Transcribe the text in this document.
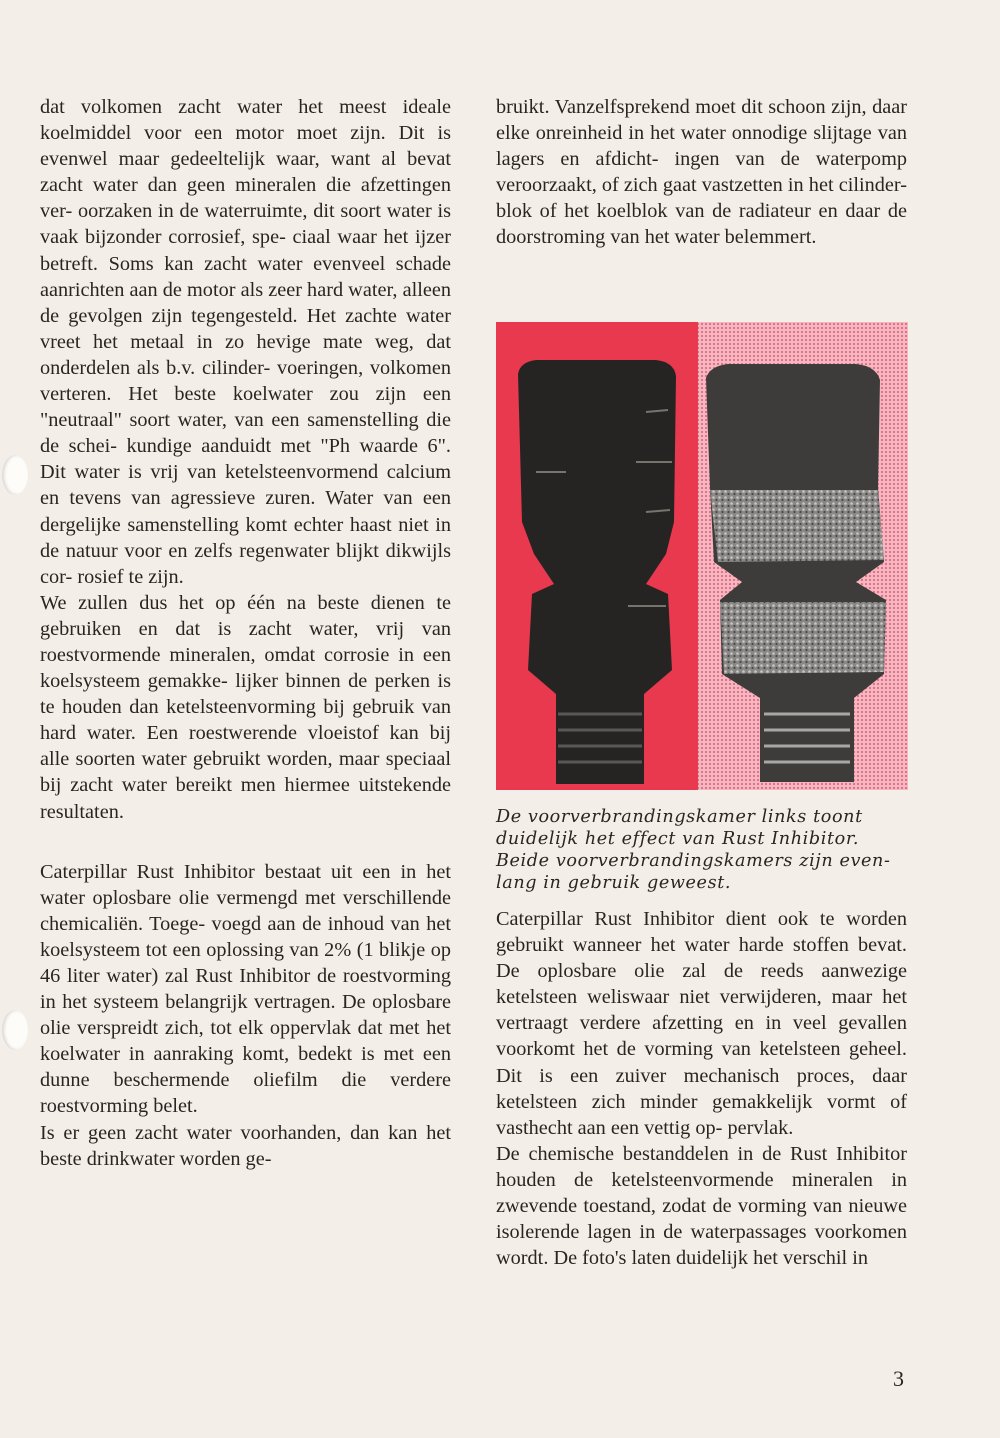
dat volkomen zacht water het meest ideale koelmiddel voor een motor moet zijn. Dit is evenwel maar gedeeltelijk waar, want al bevat zacht water dan geen mineralen die afzettingen ver- oorzaken in de waterruimte, dit soort water is vaak bijzonder corrosief, spe- ciaal waar het ijzer betreft. Soms kan zacht water evenveel schade aanrichten aan de motor als zeer hard water, alleen de gevolgen zijn tegengesteld. Het zachte water vreet het metaal in zo hevige mate weg, dat onderdelen als b.v. cilinder- voeringen, volkomen verteren. Het beste koelwater zou zijn een "neutraal" soort water, van een samenstelling die de schei- kundige aanduidt met "Ph waarde 6". Dit water is vrij van ketelsteenvormend calcium en tevens van agressieve zuren. Water van een dergelijke samenstelling komt echter haast niet in de natuur voor en zelfs regenwater blijkt dikwijls cor- rosief te zijn.

We zullen dus het op één na beste dienen te gebruiken en dat is zacht water, vrij van roestvormende mineralen, omdat corrosie in een koelsysteem gemakke- lijker binnen de perken is te houden dan ketelsteenvorming bij gebruik van hard water. Een roestwerende vloeistof kan bij alle soorten water gebruikt worden, maar speciaal bij zacht water bereikt men hiermee uitstekende resultaten.

Caterpillar Rust Inhibitor bestaat uit een in het water oplosbare olie vermengd met verschillende chemicaliën. Toege- voegd aan de inhoud van het koelsysteem tot een oplossing van 2% (1 blikje op 46 liter water) zal Rust Inhibitor de roestvorming in het systeem belangrijk vertragen. De oplosbare olie verspreidt zich, tot elk oppervlak dat met het koelwater in aanraking komt, bedekt is met een dunne beschermende oliefilm die verdere roestvorming belet.

Is er geen zacht water voorhanden, dan kan het beste drinkwater worden ge-

bruikt. Vanzelfsprekend moet dit schoon zijn, daar elke onreinheid in het water onnodige slijtage van lagers en afdicht- ingen van de waterpomp veroorzaakt, of zich gaat vastzetten in het cilinder- blok of het koelblok van de radiateur en daar de doorstroming van het water belemmert.

De voorverbrandingskamer links toont duidelijk het effect van Rust Inhibitor. Beide voorverbrandingskamers zijn even- lang in gebruik geweest.

Caterpillar Rust Inhibitor dient ook te worden gebruikt wanneer het water harde stoffen bevat. De oplosbare olie zal de reeds aanwezige ketelsteen weliswaar niet verwijderen, maar het vertraagt verdere afzetting en in veel gevallen voorkomt het de vorming van ketelsteen geheel. Dit is een zuiver mechanisch proces, daar ketelsteen zich minder gemakkelijk vormt of vasthecht aan een vettig op- pervlak.

De chemische bestanddelen in de Rust Inhibitor houden de ketelsteenvormende mineralen in zwevende toestand, zodat de vorming van nieuwe isolerende lagen in de waterpassages voorkomen wordt. De foto's laten duidelijk het verschil in

3
